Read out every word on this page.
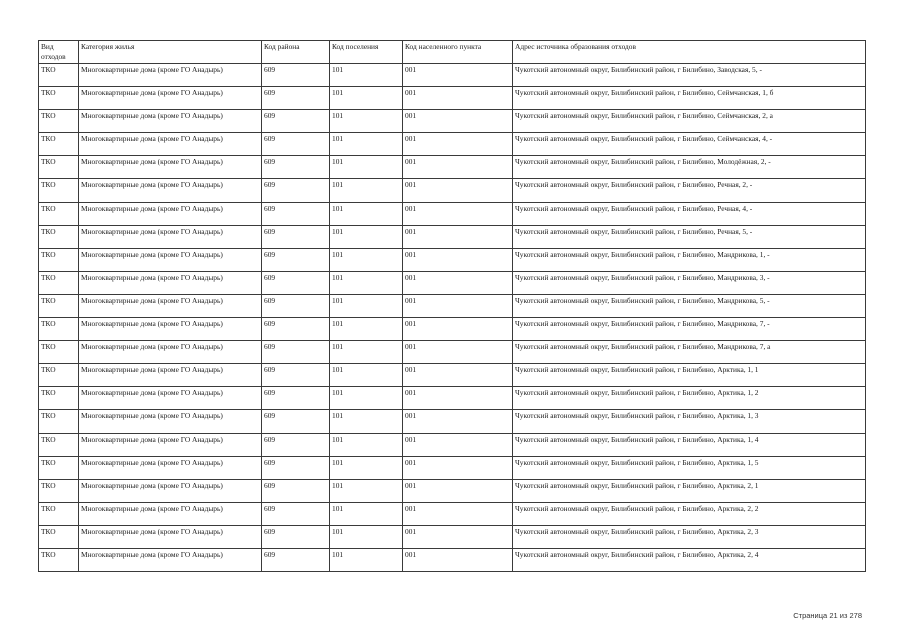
Вид отходов	Категория жилья	Код района	Код поселения	Код населенного пункта	Адрес источника образования отходов
ТКО	Многоквартирные дома (кроме ГО Анадырь)	609	101	001	Чукотский автономный округ, Билибинский район, г Билибино, Заводская, 5, -
ТКО	Многоквартирные дома (кроме ГО Анадырь)	609	101	001	Чукотский автономный округ, Билибинский район, г Билибино, Сеймчанская, 1, б
ТКО	Многоквартирные дома (кроме ГО Анадырь)	609	101	001	Чукотский автономный округ, Билибинский район, г Билибино, Сеймчанская, 2, а
ТКО	Многоквартирные дома (кроме ГО Анадырь)	609	101	001	Чукотский автономный округ, Билибинский район, г Билибино, Сеймчанская, 4, -
ТКО	Многоквартирные дома (кроме ГО Анадырь)	609	101	001	Чукотский автономный округ, Билибинский район, г Билибино, Молодёжная, 2, -
ТКО	Многоквартирные дома (кроме ГО Анадырь)	609	101	001	Чукотский автономный округ, Билибинский район, г Билибино, Речная, 2, -
ТКО	Многоквартирные дома (кроме ГО Анадырь)	609	101	001	Чукотский автономный округ, Билибинский район, г Билибино, Речная, 4, -
ТКО	Многоквартирные дома (кроме ГО Анадырь)	609	101	001	Чукотский автономный округ, Билибинский район, г Билибино, Речная, 5, -
ТКО	Многоквартирные дома (кроме ГО Анадырь)	609	101	001	Чукотский автономный округ, Билибинский район, г Билибино, Мандрикова, 1, -
ТКО	Многоквартирные дома (кроме ГО Анадырь)	609	101	001	Чукотский автономный округ, Билибинский район, г Билибино, Мандрикова, 3, -
ТКО	Многоквартирные дома (кроме ГО Анадырь)	609	101	001	Чукотский автономный округ, Билибинский район, г Билибино, Мандрикова, 5, -
ТКО	Многоквартирные дома (кроме ГО Анадырь)	609	101	001	Чукотский автономный округ, Билибинский район, г Билибино, Мандрикова, 7, -
ТКО	Многоквартирные дома (кроме ГО Анадырь)	609	101	001	Чукотский автономный округ, Билибинский район, г Билибино, Мандрикова, 7, а
ТКО	Многоквартирные дома (кроме ГО Анадырь)	609	101	001	Чукотский автономный округ, Билибинский район, г Билибино, Арктика, 1, 1
ТКО	Многоквартирные дома (кроме ГО Анадырь)	609	101	001	Чукотский автономный округ, Билибинский район, г Билибино, Арктика, 1, 2
ТКО	Многоквартирные дома (кроме ГО Анадырь)	609	101	001	Чукотский автономный округ, Билибинский район, г Билибино, Арктика, 1, 3
ТКО	Многоквартирные дома (кроме ГО Анадырь)	609	101	001	Чукотский автономный округ, Билибинский район, г Билибино, Арктика, 1, 4
ТКО	Многоквартирные дома (кроме ГО Анадырь)	609	101	001	Чукотский автономный округ, Билибинский район, г Билибино, Арктика, 1, 5
ТКО	Многоквартирные дома (кроме ГО Анадырь)	609	101	001	Чукотский автономный округ, Билибинский район, г Билибино, Арктика, 2, 1
ТКО	Многоквартирные дома (кроме ГО Анадырь)	609	101	001	Чукотский автономный округ, Билибинский район, г Билибино, Арктика, 2, 2
ТКО	Многоквартирные дома (кроме ГО Анадырь)	609	101	001	Чукотский автономный округ, Билибинский район, г Билибино, Арктика, 2, 3
ТКО	Многоквартирные дома (кроме ГО Анадырь)	609	101	001	Чукотский автономный округ, Билибинский район, г Билибино, Арктика, 2, 4
Страница 21 из 278
